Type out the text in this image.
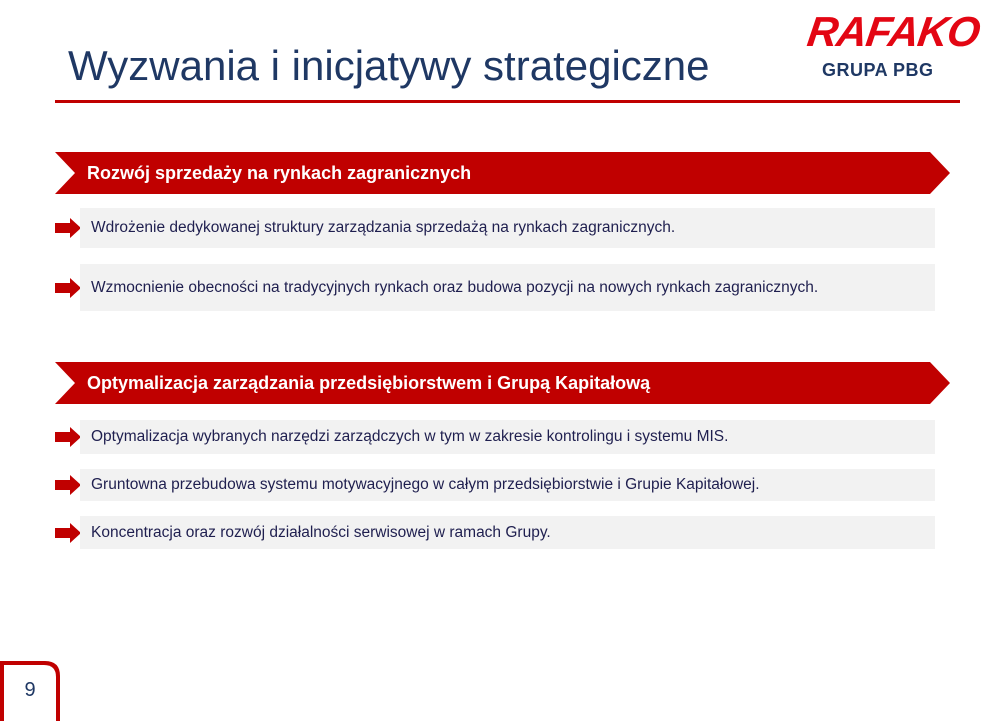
Wyzwania i inicjatywy strategiczne
RAFAKO
GRUPA PBG
Rozwój sprzedaży na rynkach zagranicznych
Wdrożenie dedykowanej struktury zarządzania sprzedażą na rynkach zagranicznych.
Wzmocnienie obecności na tradycyjnych rynkach oraz budowa pozycji na nowych rynkach zagranicznych.
Optymalizacja zarządzania przedsiębiorstwem i Grupą Kapitałową
Optymalizacja wybranych narzędzi zarządczych w tym w zakresie kontrolingu i systemu MIS.
Gruntowna przebudowa systemu motywacyjnego w całym przedsiębiorstwie i Grupie Kapitałowej.
Koncentracja oraz rozwój działalności serwisowej w ramach Grupy.
9
